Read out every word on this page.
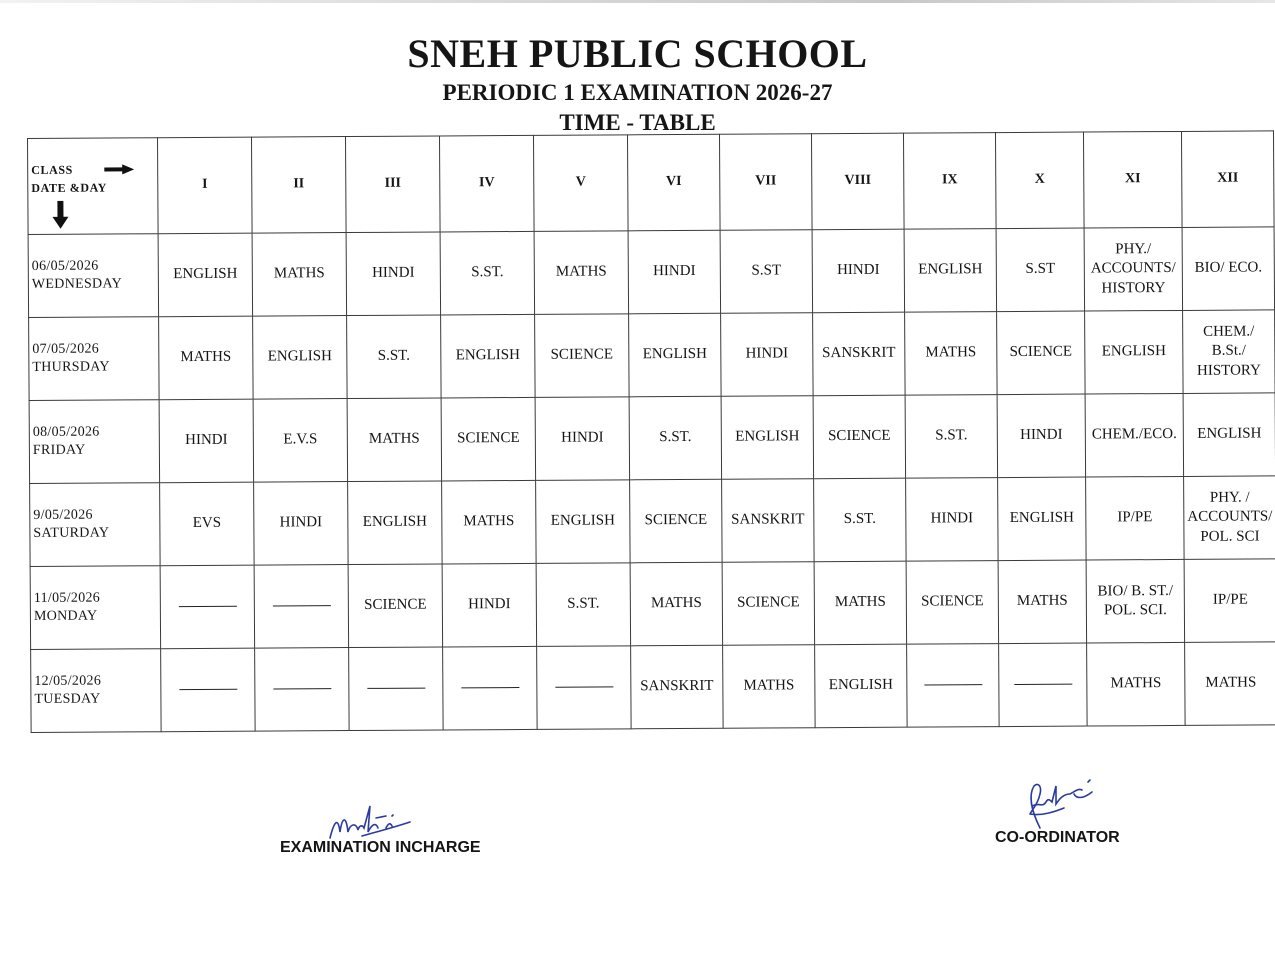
SNEH PUBLIC SCHOOL
PERIODIC 1 EXAMINATION 2026-27
TIME - TABLE
CLASS
DATE &DAY	I	II	III	IV	V	VI	VII	VIII	IX	X	XI	XII

06/05/2026
WEDNESDAY	ENGLISH	MATHS	HINDI	S.ST.	MATHS	HINDI	S.ST	HINDI	ENGLISH	S.ST	PHY./ ACCOUNTS/ HISTORY	BIO/ ECO.

07/05/2026
THURSDAY	MATHS	ENGLISH	S.ST.	ENGLISH	SCIENCE	ENGLISH	HINDI	SANSKRIT	MATHS	SCIENCE	ENGLISH	CHEM./ B.St./ HISTORY

08/05/2026
FRIDAY	HINDI	E.V.S	MATHS	SCIENCE	HINDI	S.ST.	ENGLISH	SCIENCE	S.ST.	HINDI	CHEM./ECO.	ENGLISH

9/05/2026
SATURDAY	EVS	HINDI	ENGLISH	MATHS	ENGLISH	SCIENCE	SANSKRIT	S.ST.	HINDI	ENGLISH	IP/PE	PHY. / ACCOUNTS/ POL. SCI

11/05/2026
MONDAY			SCIENCE	HINDI	S.ST.	MATHS	SCIENCE	MATHS	SCIENCE	MATHS	BIO/ B. ST./ POL. SCI.	IP/PE

12/05/2026
TUESDAY						SANSKRIT	MATHS	ENGLISH			MATHS	MATHS
EXAMINATION INCHARGE
CO-ORDINATOR
